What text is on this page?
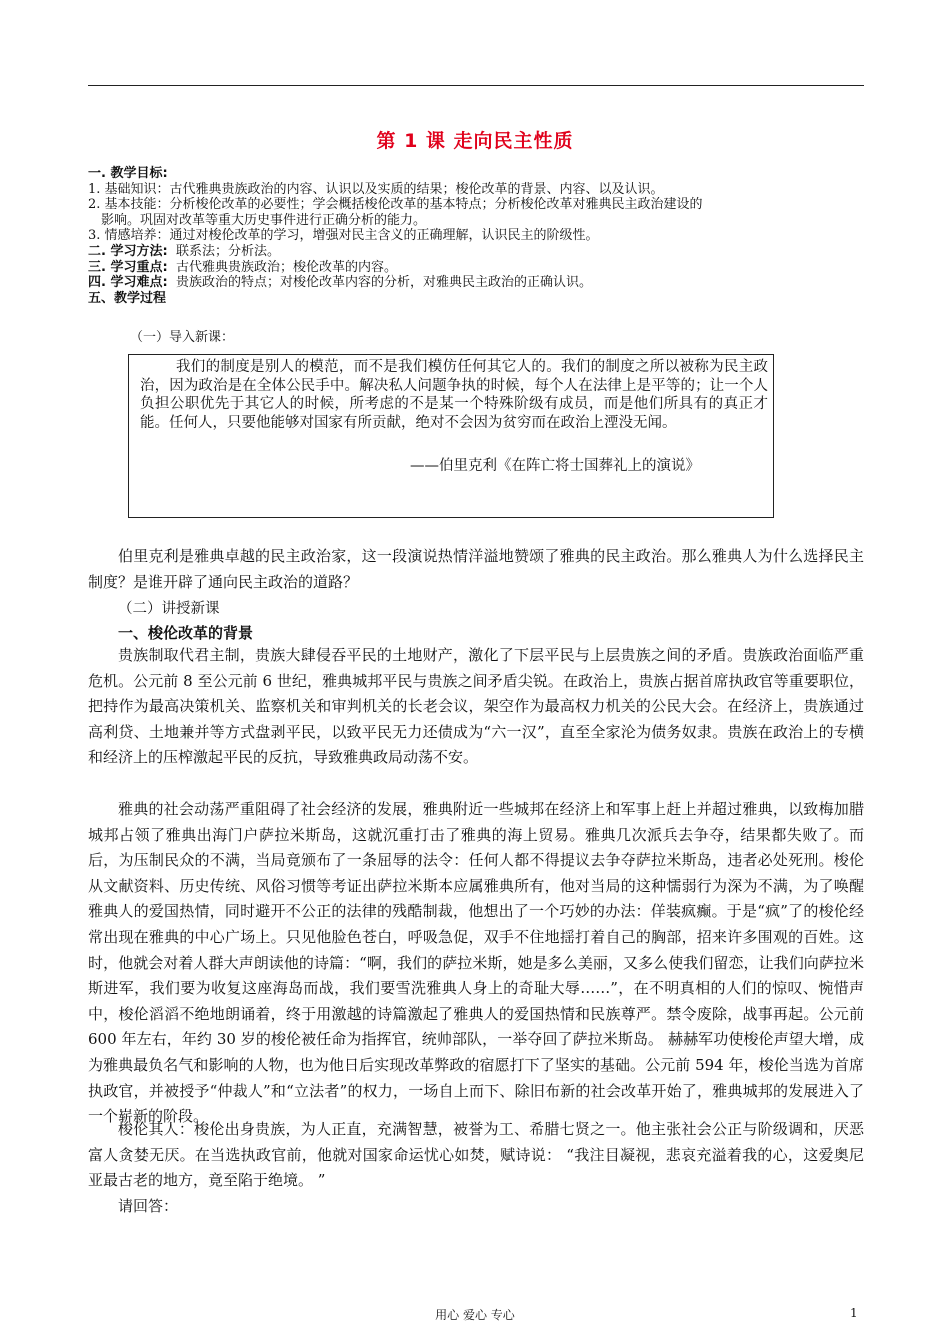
第 1 课 走向民主性质
一. 教学目标:
1. 基础知识：古代雅典贵族政治的内容、认识以及实质的结果；梭伦改革的背景、内容、以及认识。
2. 基本技能：分析梭伦改革的必要性；学会概括梭伦改革的基本特点；分析梭伦改革对雅典民主政治建设的
影响。巩固对改革等重大历史事件进行正确分析的能力。
3. 情感培养：通过对梭伦改革的学习，增强对民主含义的正确理解，认识民主的阶级性。
二. 学习方法: 联系法；分析法。
三. 学习重点: 古代雅典贵族政治；梭伦改革的内容。
四. 学习难点: 贵族政治的特点；对梭伦改革内容的分析，对雅典民主政治的正确认识。
五、教学过程
（一）导入新课：
我们的制度是别人的模范，而不是我们模仿任何其它人的。我们的制度之所以被称为民主政治，因为政治是在全体公民手中。解决私人问题争执的时候，每个人在法律上是平等的；让一个人负担公职优先于其它人的时候，所考虑的不是某一个特殊阶级有成员，而是他们所具有的真正才能。任何人，只要他能够对国家有所贡献，绝对不会因为贫穷而在政治上湮没无闻。
——伯里克利《在阵亡将士国葬礼上的演说》
伯里克利是雅典卓越的民主政治家，这一段演说热情洋溢地赞颂了雅典的民主政治。那么雅典人为什么选择民主制度？是谁开辟了通向民主政治的道路？
（二）讲授新课
一、梭伦改革的背景
贵族制取代君主制，贵族大肆侵吞平民的土地财产，激化了下层平民与上层贵族之间的矛盾。贵族政治面临严重危机。公元前 8 至公元前 6 世纪，雅典城邦平民与贵族之间矛盾尖锐。在政治上，贵族占据首席执政官等重要职位，把持作为最高决策机关、监察机关和审判机关的长老会议，架空作为最高权力机关的公民大会。在经济上，贵族通过高利贷、土地兼并等方式盘剥平民，以致平民无力还债成为“六一汉”，直至全家沦为债务奴隶。贵族在政治上的专横和经济上的压榨激起平民的反抗，导致雅典政局动荡不安。
雅典的社会动荡严重阻碍了社会经济的发展，雅典附近一些城邦在经济上和军事上赶上并超过雅典，以致梅加腊城邦占领了雅典出海门户萨拉米斯岛，这就沉重打击了雅典的海上贸易。雅典几次派兵去争夺，结果都失败了。而后，为压制民众的不满，当局竟颁布了一条屈辱的法令：任何人都不得提议去争夺萨拉米斯岛，违者必处死刑。梭伦从文献资料、历史传统、风俗习惯等考证出萨拉米斯本应属雅典所有，他对当局的这种懦弱行为深为不满，为了唤醒雅典人的爱国热情，同时避开不公正的法律的残酷制裁，他想出了一个巧妙的办法：佯装疯癫。于是“疯”了的梭伦经常出现在雅典的中心广场上。只见他脸色苍白，呼吸急促，双手不住地揺打着自己的胸部，招来许多围观的百姓。这时，他就会对着人群大声朗读他的诗篇：“啊，我们的萨拉米斯，她是多么美丽，又多么使我们留恋，让我们向萨拉米斯进军，我们要为收复这座海岛而战，我们要雪洗雅典人身上的奇耻大辱……”，在不明真相的人们的惊叹、惋惜声中，梭伦滔滔不绝地朗诵着，终于用激越的诗篇激起了雅典人的爱国热情和民族尊严。禁令废除，战事再起。公元前 600 年左右，年约 30 岁的梭伦被任命为指挥官，统帅部队，一举夺回了萨拉米斯岛。 赫赫军功使梭伦声望大增，成为雅典最负名气和影响的人物，也为他日后实现改革弊政的宿愿打下了坚实的基础。公元前 594 年，梭伦当选为首席执政官，并被授予“仲裁人”和“立法者”的权力，一场自上而下、除旧布新的社会改革开始了，雅典城邦的发展进入了一个崭新的阶段。
梭伦其人：梭伦出身贵族，为人正直，充满智慧，被誉为工、希腊七贤之一。他主张社会公正与阶级调和，厌恶富人贪婪无厌。在当选执政官前，他就对国家命运忧心如焚，赋诗说： “我注目凝视，悲哀充溢着我的心，这爱奥尼亚最古老的地方，竟至陷于绝境。 ”
请回答：
用心 爱心 专心	1
